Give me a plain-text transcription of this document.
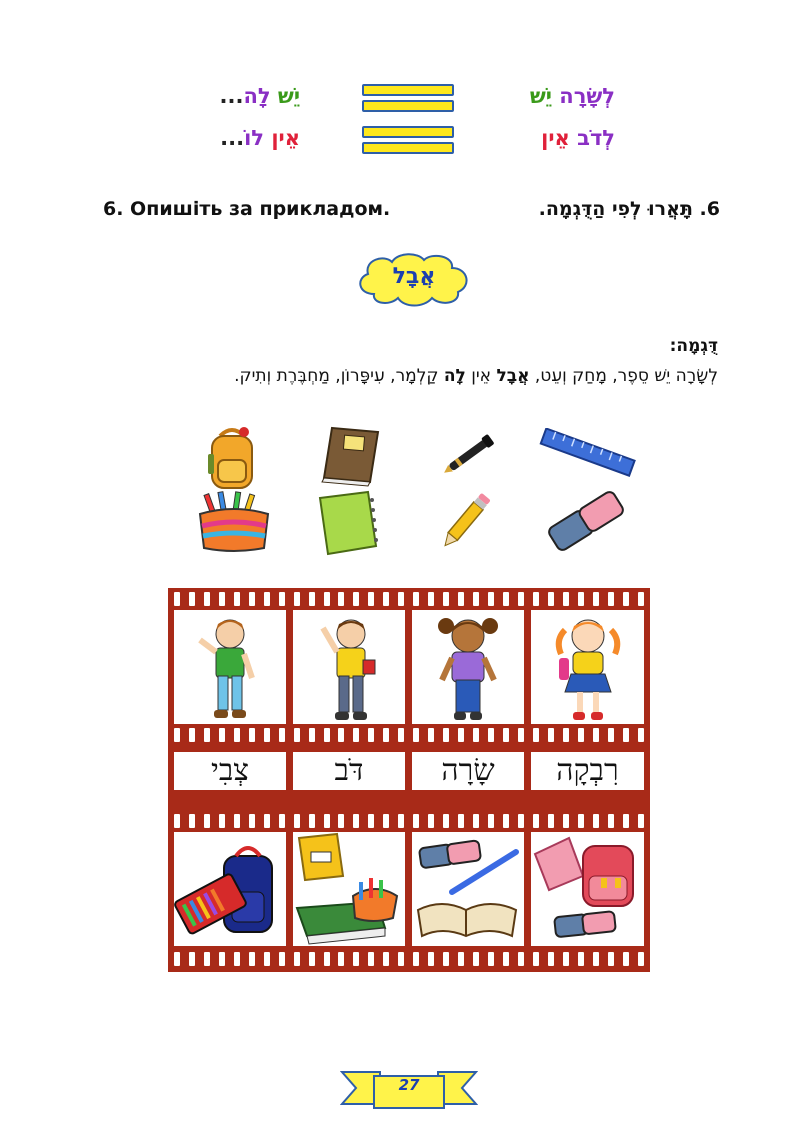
לְשָׂרָה יֵשׁ
יֵשׁ לָה...
לְדֹב אֵין
אֵין לוֹ...
6. תָּאֲרוּ לְפִי הַדֻּגְמָה.
6. Опишіть за прикладом.
אֲבָל
דֻּגְמָה:
לְשָׂרָה יֵשׁ סֵפֶר, מָחַק וְעֵט, אֲבָל אֵין לָה קַלְמָר, עִיפָּרוֹן, מַחְבֶּרֶת וְתִיק.
צְבִי	דֹּב	שָׂרָה	רִבְקָה
27
